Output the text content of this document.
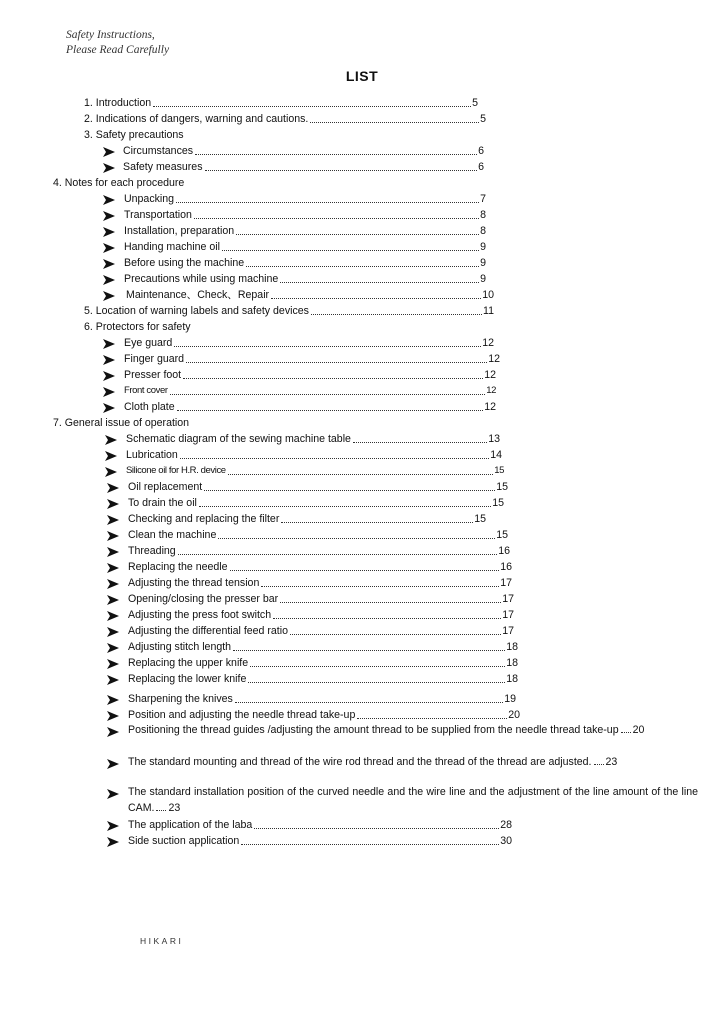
Safety Instructions,
Please Read Carefully
LIST
1. Introduction	5
2. Indications of dangers, warning and cautions.	5
3. Safety precautions
Circumstances	6
Safety measures	6
4. Notes for each procedure
Unpacking	7
Transportation	8
Installation, preparation	8
Handing machine oil	9
Before using the machine	9
Precautions while using machine	9
Maintenance、Check、Repair	10
5. Location of warning labels and safety devices	11
6. Protectors for safety
Eye guard	12
Finger guard	12
Presser foot	12
Front cover	12
Cloth plate	12
7. General issue of operation
Schematic diagram of the sewing machine table	13
Lubrication	14
Silicone oil for H.R. device	15
Oil replacement	15
To drain the oil	15
Checking and replacing the filter	15
Clean the machine	15
Threading	16
Replacing the needle	16
Adjusting the thread tension	17
Opening/closing the presser bar	17
Adjusting the press foot switch	17
Adjusting the differential feed ratio	17
Adjusting stitch length	18
Replacing the upper knife	18
Replacing the lower knife	18
Sharpening the knives	19
Position and adjusting the needle thread take-up	20
Positioning the thread guides /adjusting the amount thread to be supplied from the needle thread take-up 20
The standard mounting and thread of the wire rod thread and the thread of the thread are adjusted. 23
The standard installation position of the curved needle and the wire line and the adjustment of the line amount of the line CAM. 23
The application of the laba	28
Side suction application	30
HIKARI
